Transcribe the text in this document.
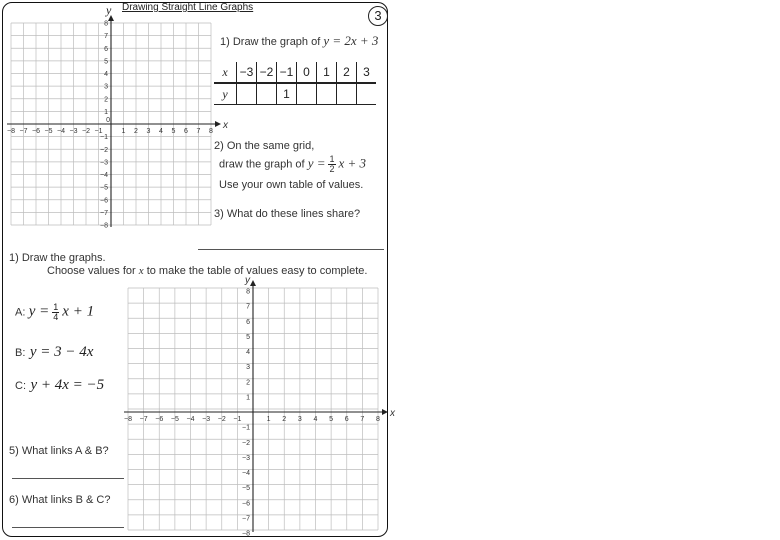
3
y Drawing Straight Line Graphs
−8 −7 −6 −5 −4 −3 −2 −1	1 2 3 4 5 6 7 8
8
7
6
5
4
3
2
1
−1
−2
−3
−4
−5
−6
−7
−8
0	x
−8 −7 −6 −5 −4 −3 −2 −1	1 2 3 4 5 6 7 8
8
7
6
5
4
3
2
1
−1
−2
−3
−4
−5
−6
−7
−8
x
y
1) Draw the graph of y = 2x + 3
x	−3	−2	−1	0	1	2	3
y			1				
2) On the same grid,
draw the graph of $y = \frac{1}{2}$ x + 3
Use your own table of values.
3) What do these lines share?
1) Draw the graphs.
Choose values for x to make the table of values easy to complete.
A: $y = \frac{1}{4}$ x + 1
B: y = 3 − 4x
C: y + 4x = −5
5) What links A & B?
6) What links B & C?
